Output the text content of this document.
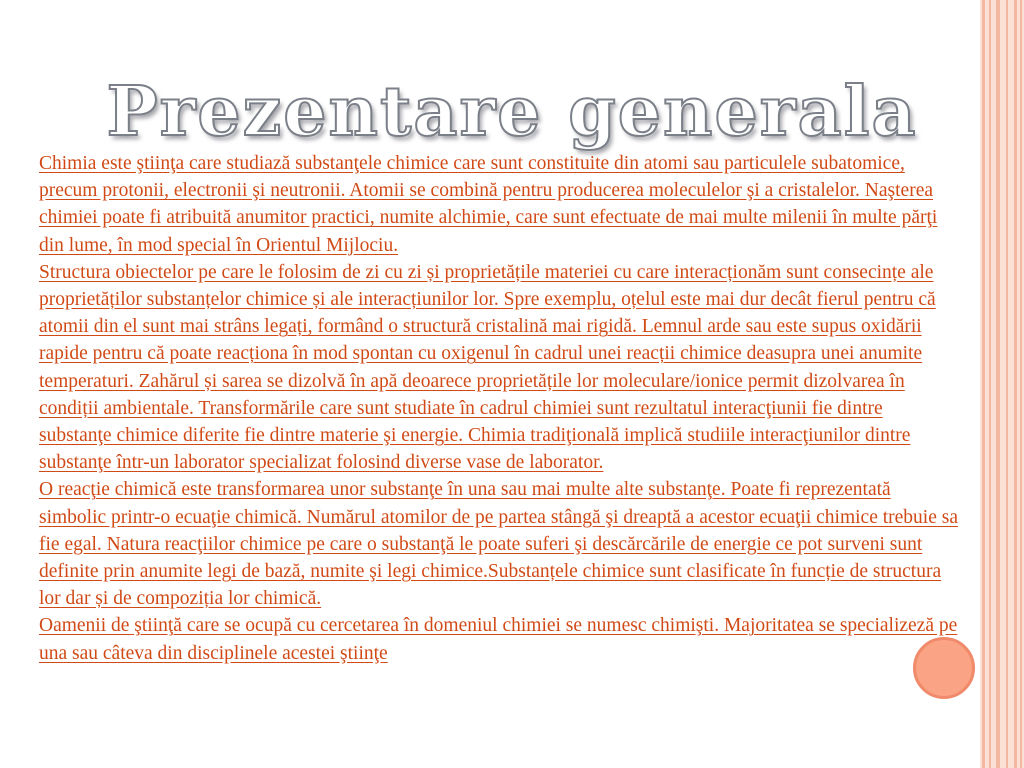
Prezentare generala

Chimia este ştiinţa care studiază substanţele chimice care sunt constituite din atomi sau particulele subatomice, precum protonii, electronii şi neutronii. Atomii se combină pentru producerea moleculelor şi a cristalelor. Naşterea chimiei poate fi atribuită anumitor practici, numite alchimie, care sunt efectuate de mai multe milenii în multe părţi din lume, în mod special în Orientul Mijlociu.

Structura obiectelor pe care le folosim de zi cu zi și proprietățile materiei cu care interacționăm sunt consecințe ale proprietăților substanțelor chimice și ale interacțiunilor lor. Spre exemplu, oțelul este mai dur decât fierul pentru că atomii din el sunt mai strâns legați, formând o structură cristalină mai rigidă. Lemnul arde sau este supus oxidării rapide pentru că poate reacționa în mod spontan cu oxigenul în cadrul unei reacții chimice deasupra unei anumite temperaturi. Zahărul și sarea se dizolvă în apă deoarece proprietățile lor moleculare/ionice permit dizolvarea în condiții ambientale. Transformările care sunt studiate în cadrul chimiei sunt rezultatul interacţiunii fie dintre substanţe chimice diferite fie dintre materie şi energie. Chimia tradiţională implică studiile interacţiunilor dintre substanţe într-un laborator specializat folosind diverse vase de laborator.

O reacţie chimică este transformarea unor substanţe în una sau mai multe alte substanţe. Poate fi reprezentată simbolic printr-o ecuaţie chimică. Numărul atomilor de pe partea stângă şi dreaptă a acestor ecuaţii chimice trebuie sa fie egal. Natura reacţiilor chimice pe care o substanţă le poate suferi şi descărcările de energie ce pot surveni sunt definite prin anumite legi de bază, numite şi legi chimice.Substanțele chimice sunt clasificate în funcție de structura lor dar și de compoziția lor chimică.

Oamenii de ştiinţă care se ocupă cu cercetarea în domeniul chimiei se numesc chimişti. Majoritatea se specializeză pe una sau câteva din disciplinele acestei ştiinţe
